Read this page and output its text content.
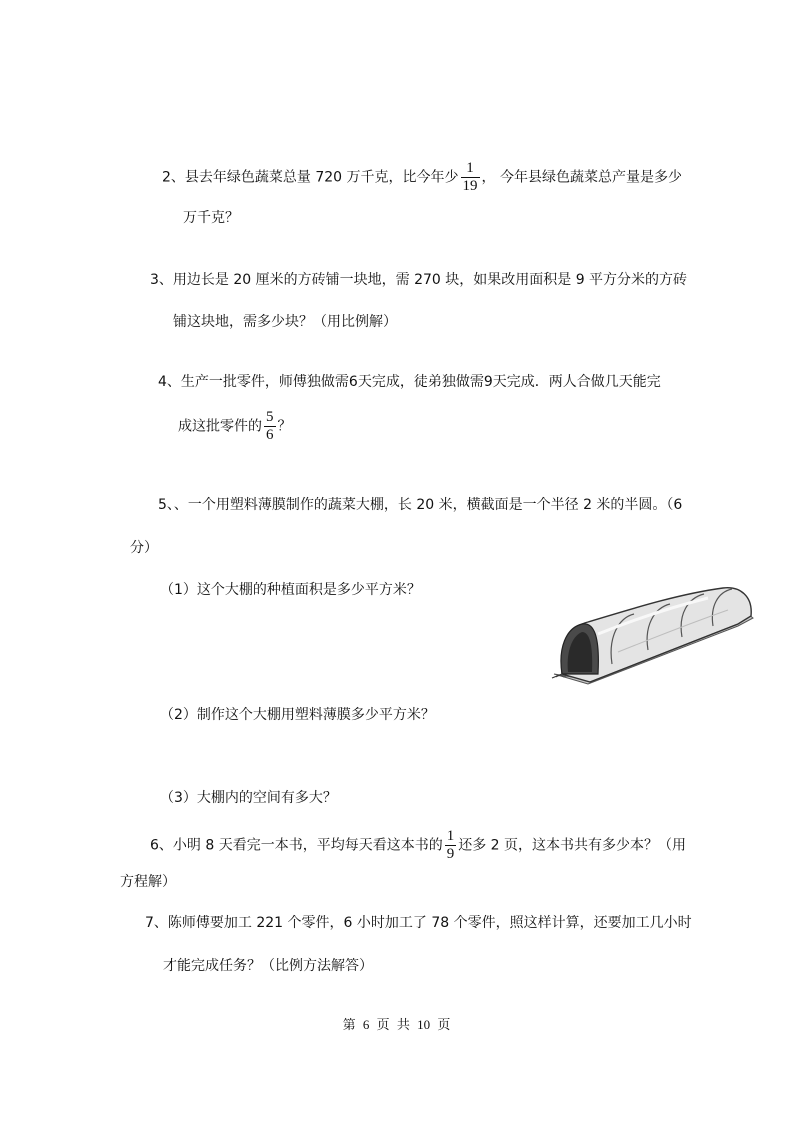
2、县去年绿色蔬菜总量 720 万千克，比今年少 $\frac{1}{19}$ ， 今年县绿色蔬菜总产量是多少
万千克？
3、用边长是 20 厘米的方砖铺一块地，需 270 块，如果改用面积是 9 平方分米的方砖
铺这块地，需多少块？（用比例解）
4、生产一批零件，师傅独做需6天完成，徒弟独做需9天完成．两人合做几天能完
成这批零件的 $\frac{5}{6}$ ？
5、、一个用塑料薄膜制作的蔬菜大棚，长 20 米，横截面是一个半径 2 米的半圆。（6
分）
（1）这个大棚的种植面积是多少平方米？
（2）制作这个大棚用塑料薄膜多少平方米？
（3）大棚内的空间有多大？
6、小明 8 天看完一本书，平均每天看这本书的 $\frac{1}{9}$ 还多 2 页，这本书共有多少本？（用
方程解）
7、陈师傅要加工 221 个零件，6 小时加工了 78 个零件，照这样计算，还要加工几小时
才能完成任务？（比例方法解答）
第 6 页 共 10 页
